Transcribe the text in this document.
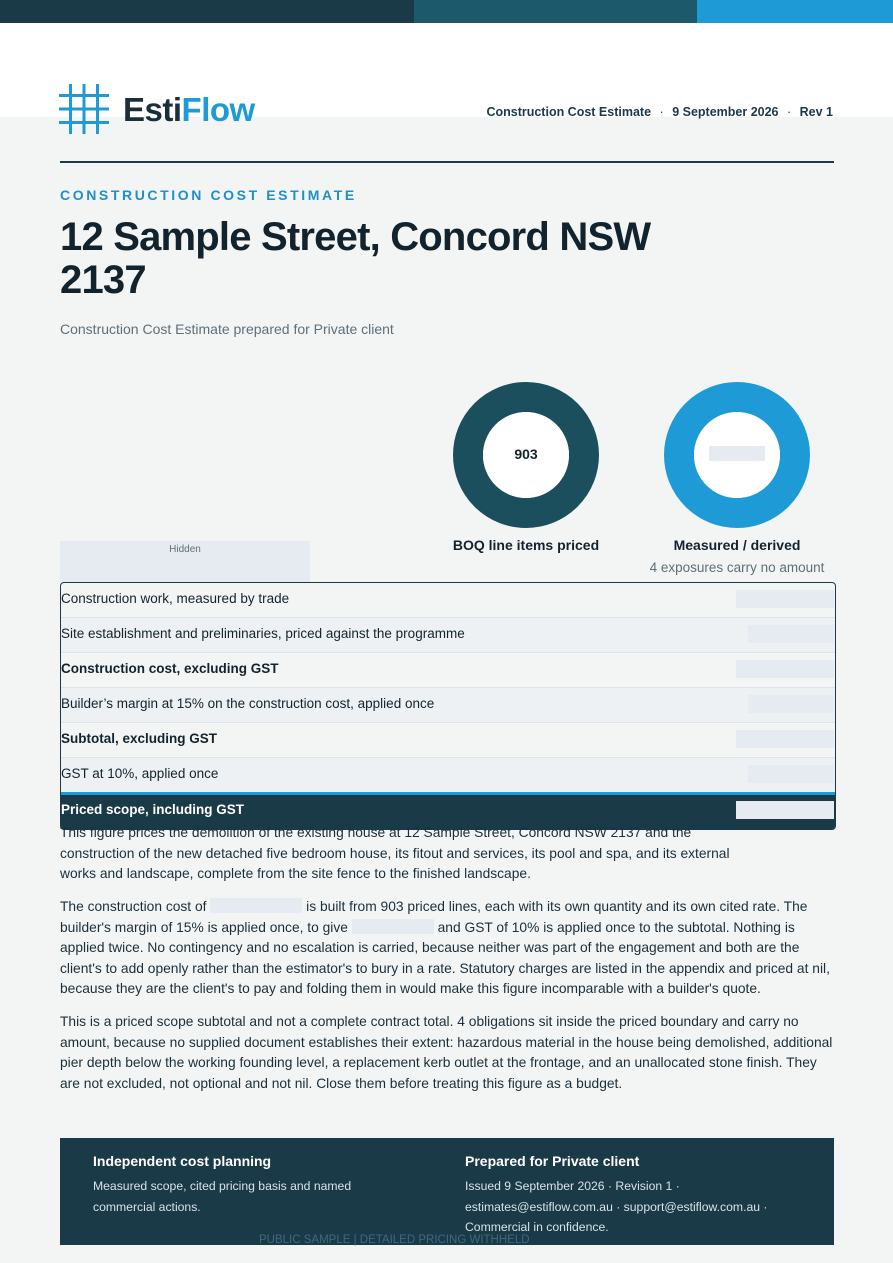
EstiFlow	Construction Cost Estimate · 9 September 2026 · Rev 1
CONSTRUCTION COST ESTIMATE
12 Sample Street, Concord NSW 2137
Construction Cost Estimate prepared for Private client
903
BOQ line items priced	Measured / derived
4 exposures carry no amount
Hidden
Construction work, measured by trade
Site establishment and preliminaries, priced against the programme
Construction cost, excluding GST
Builder’s margin at 15% on the construction cost, applied once
Subtotal, excluding GST
GST at 10%, applied once
Priced scope, including GST

This figure prices the demolition of the existing house at 12 Sample Street, Concord NSW 2137 and the construction of the new detached five bedroom house, its fitout and services, its pool and spa, and its external works and landscape, complete from the site fence to the finished landscape.

The construction cost of	is built from 903 priced lines, each with its own quantity and its own cited rate. The builder's margin of 15% is applied once, to give	and GST of 10% is applied once to the subtotal. Nothing is applied twice. No contingency and no escalation is carried, because neither was part of the engagement and both are the client's to add openly rather than the estimator's to bury in a rate. Statutory charges are listed in the appendix and priced at nil, because they are the client's to pay and folding them in would make this figure incomparable with a builder's quote.

This is a priced scope subtotal and not a complete contract total. 4 obligations sit inside the priced boundary and carry no amount, because no supplied document establishes their extent: hazardous material in the house being demolished, additional pier depth below the working founding level, a replacement kerb outlet at the frontage, and an unallocated stone finish. They are not excluded, not optional and not nil. Close them before treating this figure as a budget.

Independent cost planning
Measured scope, cited pricing basis and named commercial actions.
Prepared for Private client
Issued 9 September 2026 · Revision 1 · estimates@estiflow.com.au · support@estiflow.com.au · Commercial in confidence.
PUBLIC SAMPLE | DETAILED PRICING WITHHELD
